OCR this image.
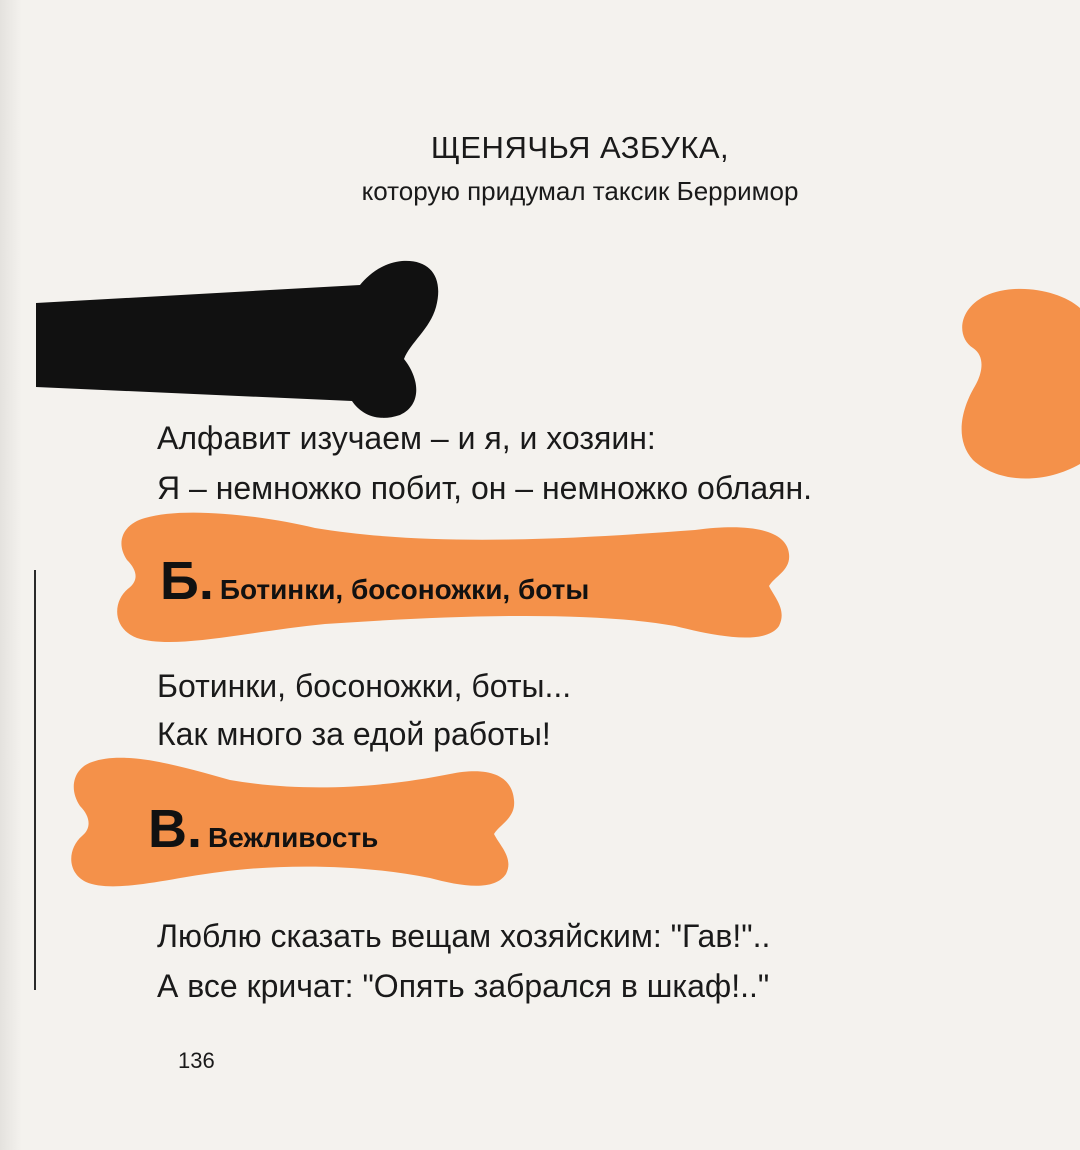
ЩЕНЯЧЬЯ АЗБУКА,
которую придумал таксик Берримор

Алфавит изучаем – и я, и хозяин:

Я – немножко побит, он – немножко облаян.

Б. Ботинки, босоножки, боты

Ботинки, босоножки, боты...

Как много за едой работы!

В. Вежливость

Люблю сказать вещам хозяйским: "Гав!"..

А все кричат: "Опять забрался в шкаф!.."

136
